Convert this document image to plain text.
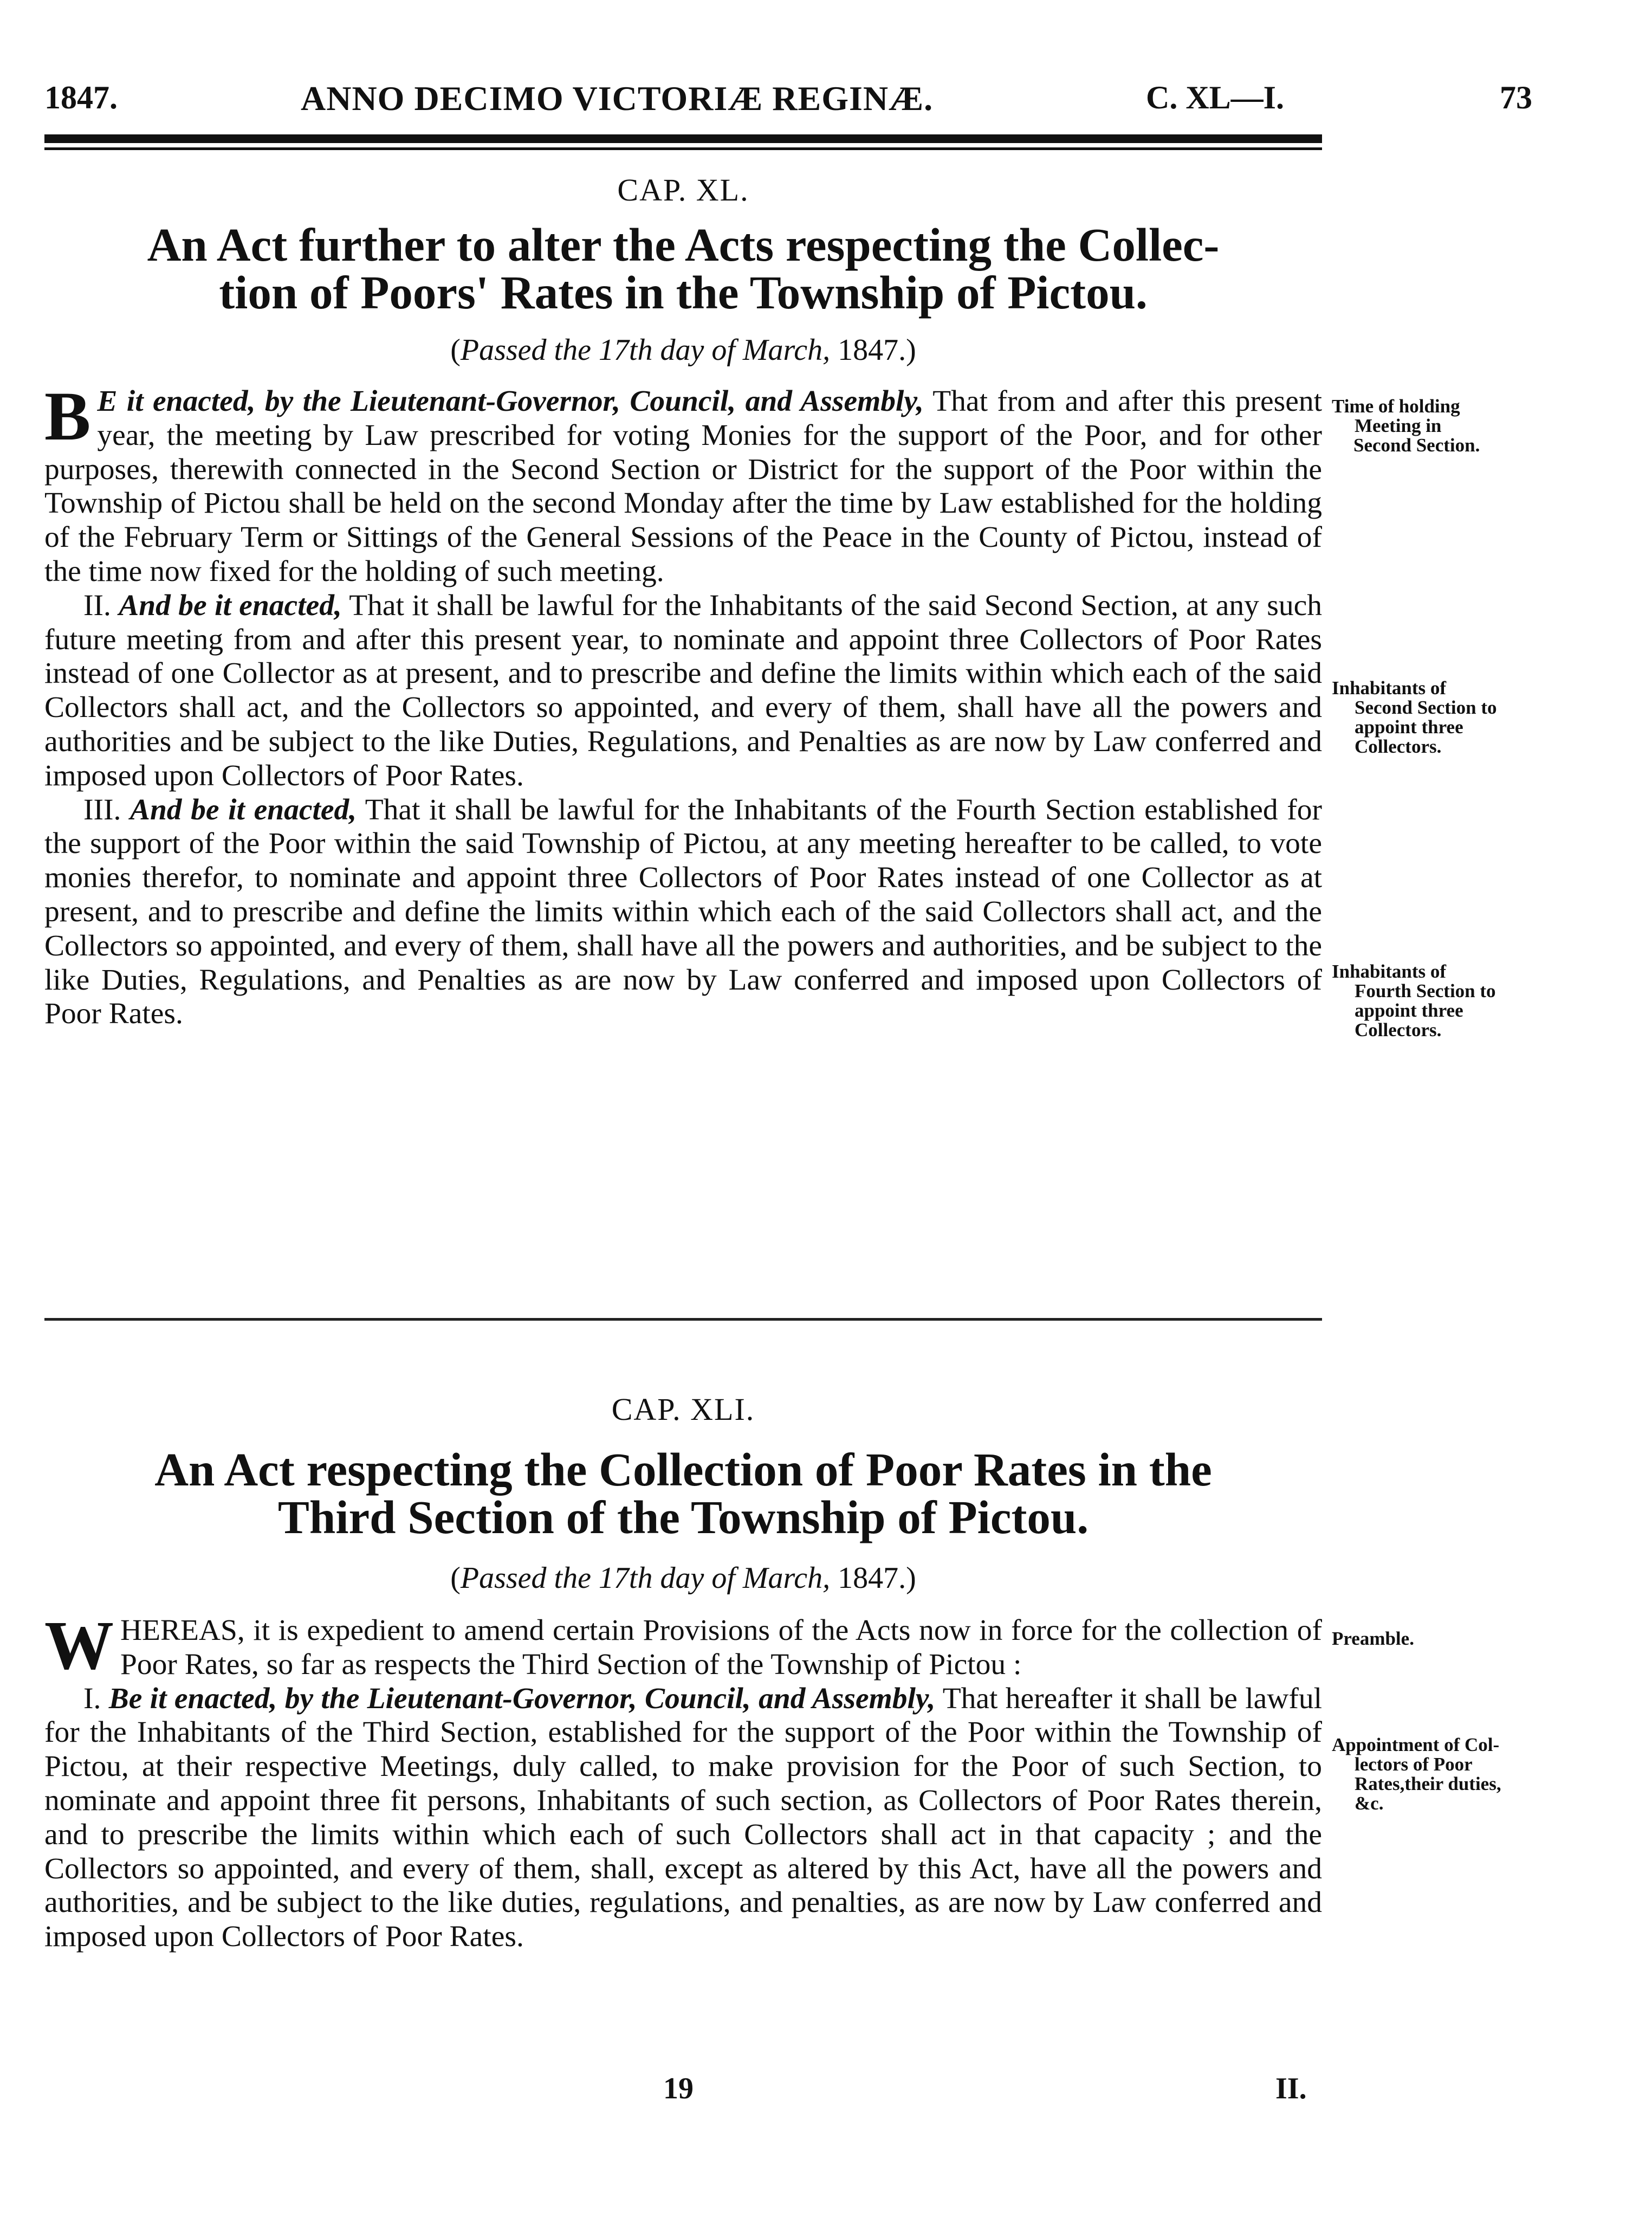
1847.	ANNO DECIMO VICTORIÆ REGINÆ.	C. XL—I.	73
CAP. XL.
An Act further to alter the Acts respecting the Collec-
tion of Poors' Rates in the Township of Pictou.
(Passed the 17th day of March, 1847.)

B E it enacted, by the Lieutenant-Governor, Council, and Assembly, That from and after this present year, the meeting by Law prescribed for voting Monies for the support of the Poor, and for other purposes, therewith connected in the Second Section or District for the support of the Poor within the Township of Pictou shall be held on the second Monday after the time by Law established for the holding of the February Term or Sittings of the General Sessions of the Peace in the County of Pictou, instead of the time now fixed for the holding of such meeting.

II. And be it enacted, That it shall be lawful for the Inhabitants of the said Second Section, at any such future meeting from and after this present year, to nominate and appoint three Collectors of Poor Rates instead of one Collector as at present, and to prescribe and define the limits within which each of the said Collectors shall act, and the Collectors so appointed, and every of them, shall have all the powers and authorities and be subject to the like Duties, Regulations, and Penalties as are now by Law conferred and imposed upon Collectors of Poor Rates.

III. And be it enacted, That it shall be lawful for the Inhabitants of the Fourth Section established for the support of the Poor within the said Township of Pictou, at any meeting hereafter to be called, to vote monies therefor, to nominate and appoint three Collectors of Poor Rates instead of one Collector as at present, and to prescribe and define the limits within which each of the said Collectors shall act, and the Collectors so appointed, and every of them, shall have all the powers and authorities, and be subject to the like Duties, Regulations, and Penalties as are now by Law conferred and imposed upon Collectors of Poor Rates.

Time of holding
Meeting in
Second Section.
Inhabitants of
Second Section to
appoint three
Collectors.
Inhabitants of
Fourth Section to
appoint three
Collectors.
CAP. XLI.
An Act respecting the Collection of Poor Rates in the
Third Section of the Township of Pictou.
(Passed the 17th day of March, 1847.)

WHEREAS, it is expedient to amend certain Provisions of the Acts now in force for the collection of Poor Rates, so far as respects the Third Section of the Township of Pictou :

I. Be it enacted, by the Lieutenant-Governor, Council, and Assembly, That hereafter it shall be lawful for the Inhabitants of the Third Section, established for the support of the Poor within the Township of Pictou, at their respective Meetings, duly called, to make provision for the Poor of such Section, to nominate and appoint three fit persons, Inhabitants of such section, as Collectors of Poor Rates therein, and to prescribe the limits within which each of such Collectors shall act in that capacity ; and the Collectors so appointed, and every of them, shall, except as altered by this Act, have all the powers and authorities, and be subject to the like duties, regulations, and penalties, as are now by Law conferred and imposed upon Collectors of Poor Rates.

Preamble.
Appointment of Col-
lectors of Poor
Rates,their duties,
&c.
19	II.
